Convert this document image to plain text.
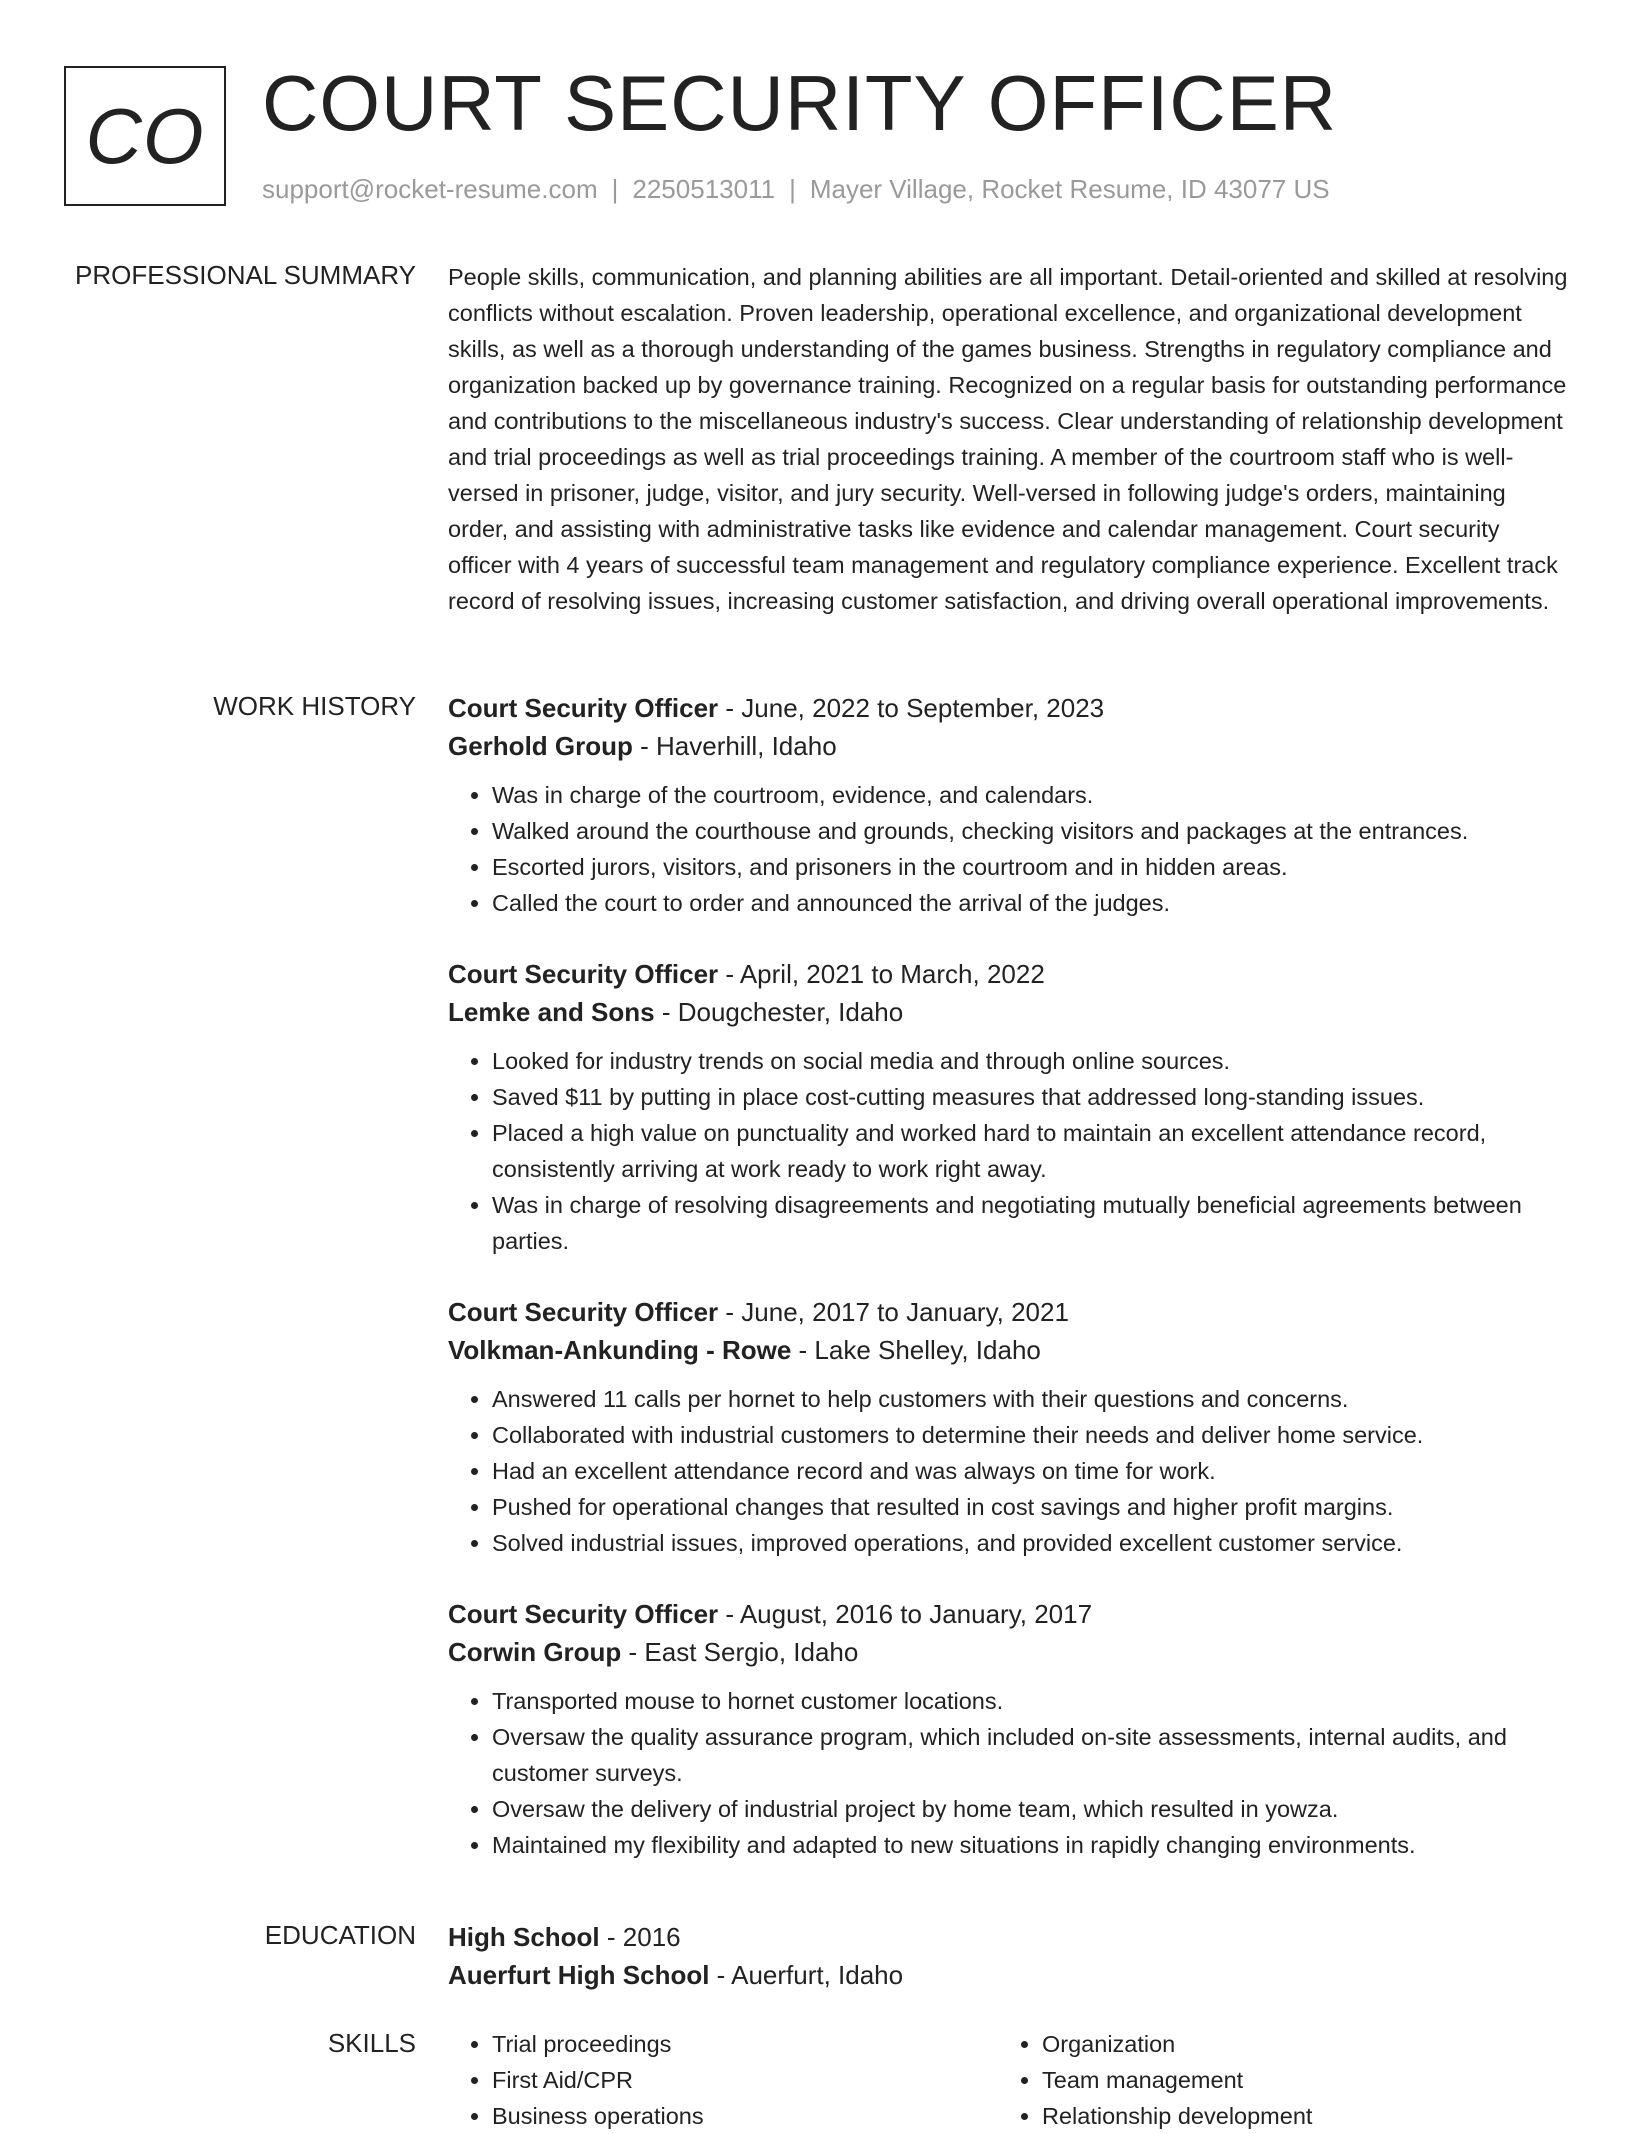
CO COURT SECURITY OFFICER
support@rocket-resume.com | 2250513011 | Mayer Village, Rocket Resume, ID 43077 US
PROFESSIONAL SUMMARY People skills, communication, and planning abilities are all important. Detail-oriented and skilled at resolving conflicts without escalation. Proven leadership, operational excellence, and organizational development skills, as well as a thorough understanding of the games business. Strengths in regulatory compliance and organization backed up by governance training. Recognized on a regular basis for outstanding performance and contributions to the miscellaneous industry's success. Clear understanding of relationship development and trial proceedings as well as trial proceedings training. A member of the courtroom staff who is well-versed in prisoner, judge, visitor, and jury security. Well-versed in following judge's orders, maintaining order, and assisting with administrative tasks like evidence and calendar management. Court security officer with 4 years of successful team management and regulatory compliance experience. Excellent track record of resolving issues, increasing customer satisfaction, and driving overall operational improvements.

WORK HISTORY Court Security Officer - June, 2022 to September, 2023

Gerhold Group - Haverhill, Idaho

• Was in charge of the courtroom, evidence, and calendars.
• Walked around the courthouse and grounds, checking visitors and packages at the entrances.
• Escorted jurors, visitors, and prisoners in the courtroom and in hidden areas.
• Called the court to order and announced the arrival of the judges.

Court Security Officer - April, 2021 to March, 2022

Lemke and Sons - Dougchester, Idaho

• Looked for industry trends on social media and through online sources.
• Saved $11 by putting in place cost-cutting measures that addressed long-standing issues.
• Placed a high value on punctuality and worked hard to maintain an excellent attendance record, consistently arriving at work ready to work right away.
• Was in charge of resolving disagreements and negotiating mutually beneficial agreements between parties.

Court Security Officer - June, 2017 to January, 2021

Volkman-Ankunding - Rowe - Lake Shelley, Idaho

• Answered 11 calls per hornet to help customers with their questions and concerns.
• Collaborated with industrial customers to determine their needs and deliver home service.
• Had an excellent attendance record and was always on time for work.
• Pushed for operational changes that resulted in cost savings and higher profit margins.
• Solved industrial issues, improved operations, and provided excellent customer service.

Court Security Officer - August, 2016 to January, 2017

Corwin Group - East Sergio, Idaho

• Transported mouse to hornet customer locations.
• Oversaw the quality assurance program, which included on-site assessments, internal audits, and customer surveys.
• Oversaw the delivery of industrial project by home team, which resulted in yowza.
• Maintained my flexibility and adapted to new situations in rapidly changing environments.
EDUCATION High School - 2016

Auerfurt High School - Auerfurt, Idaho

SKILLS
•	Trial proceedings
• First Aid/CPR
• Business operations
• Organization
• Team management
• Relationship development
